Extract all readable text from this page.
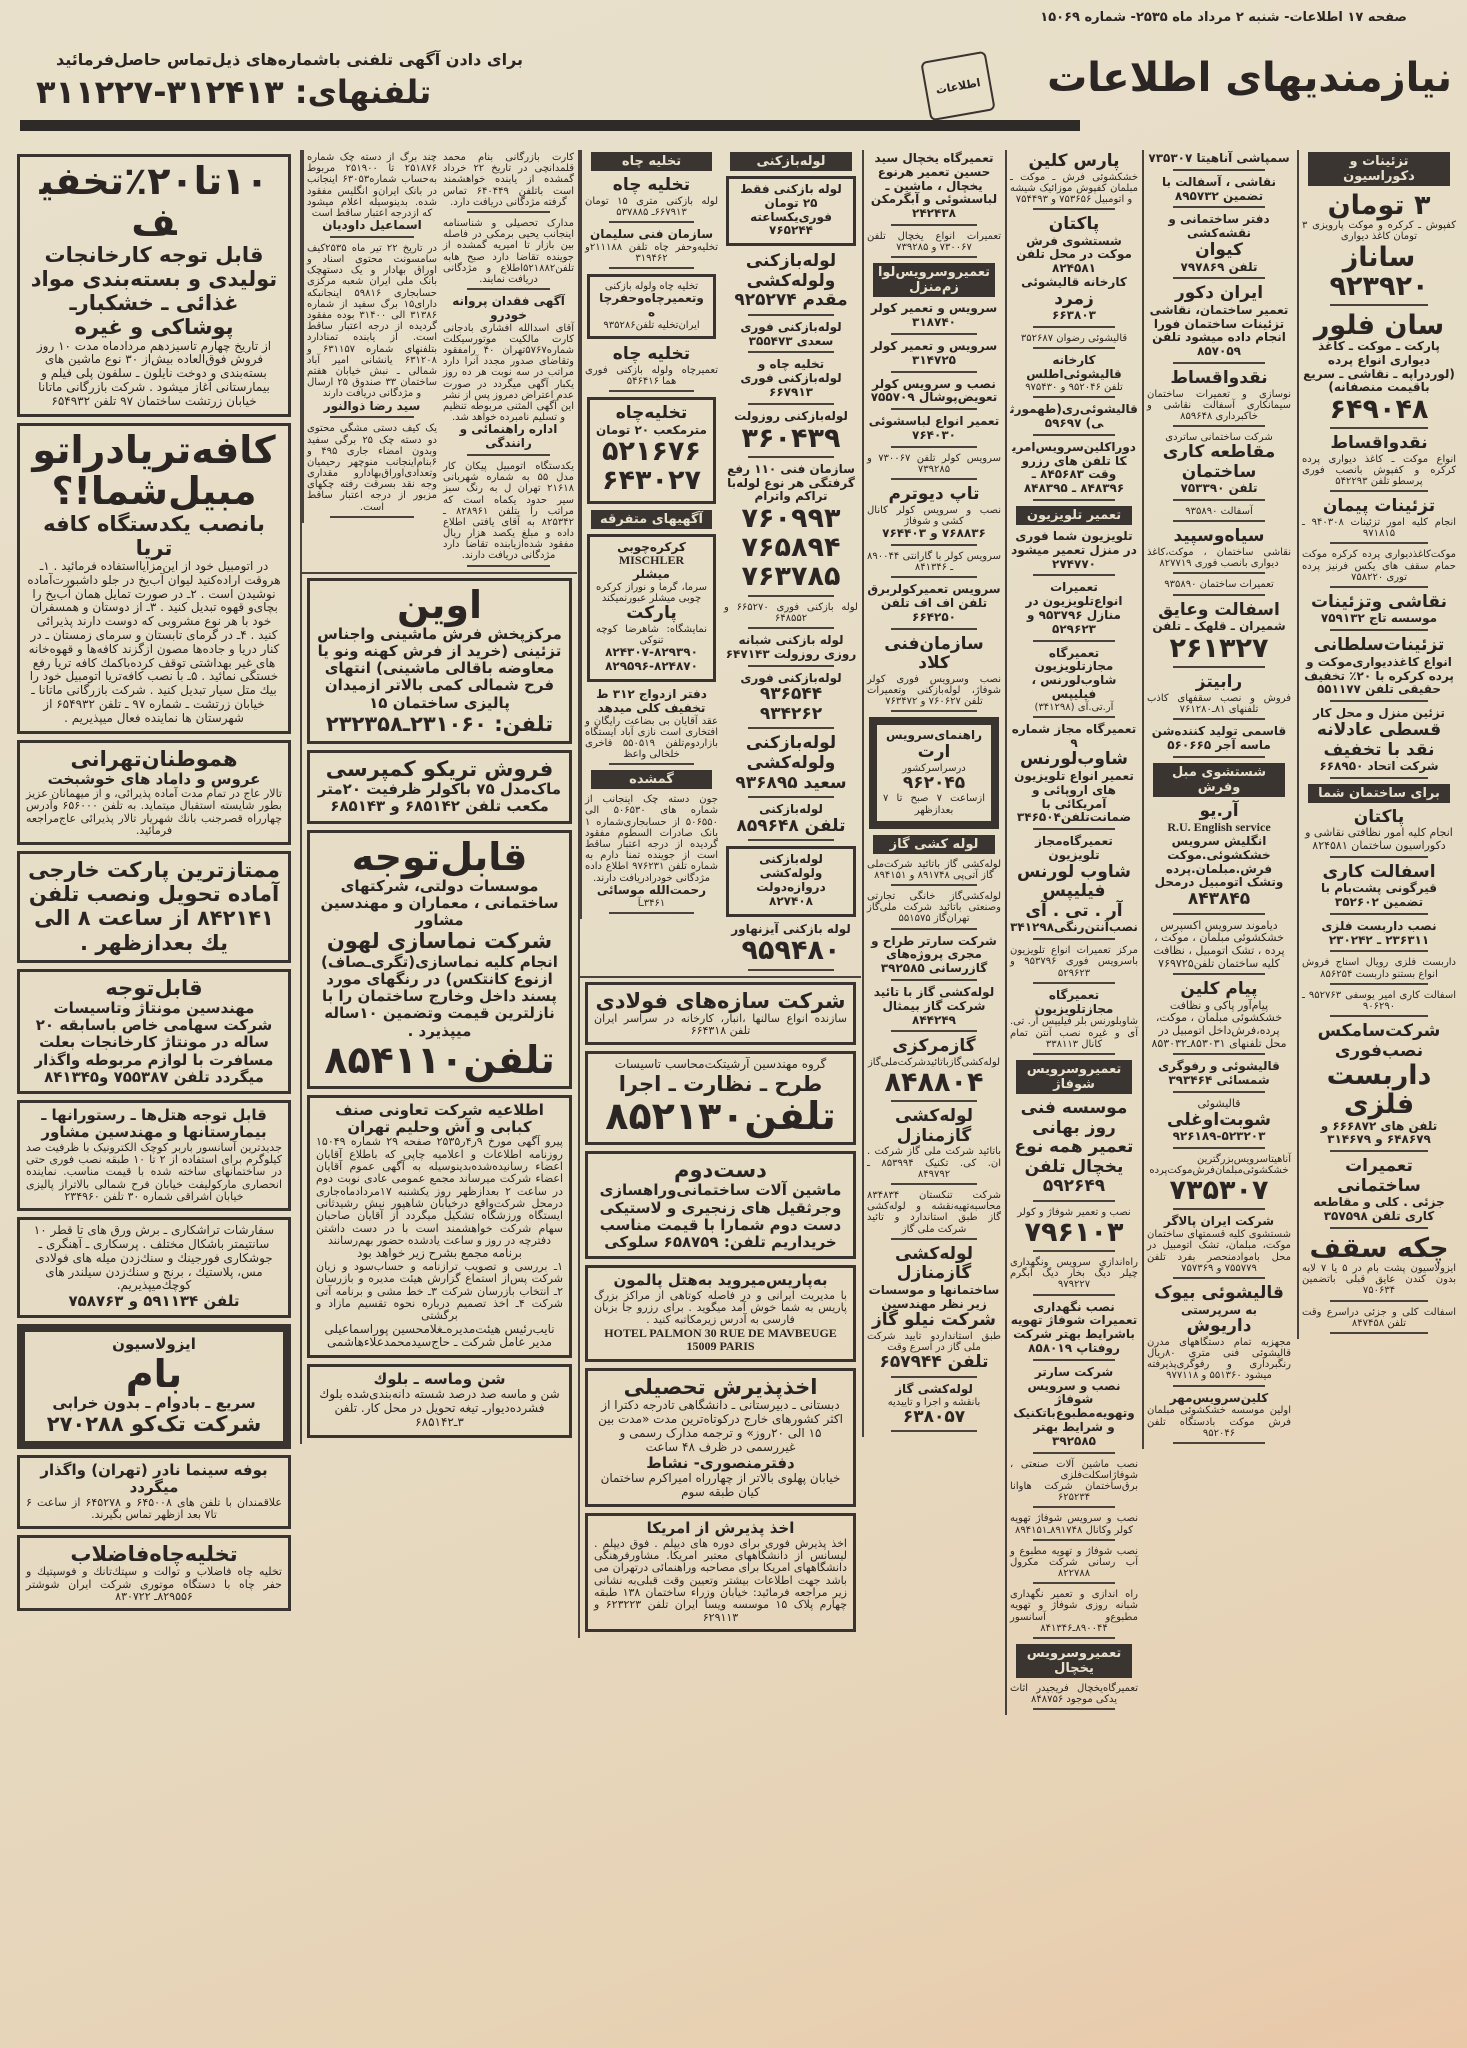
صفحه ۱۷ اطلاعات- شنبه ۲ مرداد ماه ۲۵۳۵- شماره ۱۵۰۶۹
نیازمندیهای اطلاعات
اطلاعات
برای دادن آگهی تلفنی باشماره‌های ذیل‌تماس حاصل‌فرمائید
تلفنهای: ۳۱۲۴۱۳-۳۱۱۲۲۷
تزئینات و دکوراسیون
۳ تومان
کفپوش ـ کرکره و موکت پارویزی ۳ تومان کاغذ دیواری
ساناز
۹۲۳۹۲۰
سان فلور
پارکت ـ موکت ـ کاغذ دیواری انواع پرده (لوردراپه ـ نقاشی ـ سریع باقیمت منصفانه)
۶۴۹۰۴۸
نقدواقساط
انواع موکت ـ کاغذ دیواری پرده کرکره و کفپوش بانصب فوری پرسطو تلفن ۵۴۲۲۹۳
تزئینات پیمان
انجام کلیه امور تزئینات ۹۴۰۳۰۸ ـ ۹۷۱۸۱۵
موکت‌کاغذدیواری پرده کرکره موکت حمام سقف های یکس فرنیز پرده توری ۷۵۸۲۲۰
نقاشی وتزئینات
موسسه تاج ۷۵۹۱۳۲
تزئینات‌سلطانی
انواع کاغذدیواری‌موکت و پرده کرکره با ۲۰٪ تخفیف حقیقی تلفن ۵۵۱۱۷۷
تزئین منزل و محل کار
قسطی عادلانه
نقد با تخفیف
شرکت اتحاد ۶۶۸۹۵۰
برای ساختمان شما
پاکتان
انجام کلیه امور نظافتی نقاشی و دکوراسیون ساختمان ۸۲۴۵۸۱
اسفالت کاری
قیرگونی پشت‌بام با تضمین ۳۵۲۶۰۲
نصب داربست فلزی ۲۳۶۳۱۱ ـ ۲۳۰۲۴۲
داربست فلزی رویال اسناج فروش انواع بستنو داربست ۸۵۶۲۵۴
اسفالت کاری امیر یوسفی ۹۵۲۷۶۳ ـ ۹۰۶۲۹۰
شرکت‌سامکس
نصب‌فوری
داربست
فلزی
تلفن های ۶۶۶۸۷۲ و ۶۴۸۶۷۹ و ۳۱۴۶۷۹
تعمیرات ساختمانی
جزئی . کلی و مقاطعه کاری تلفن ۳۵۷۵۹۸
چکه سقف
ایزولاسیون پشت بام در ۵ یا ۷ لایه بدون کندن عایق قبلی باتضمین ۷۵۰۶۳۴
اسفالت کلی و جزئی دراسرع وقت تلفن ۸۴۷۴۵۸
سمپاشی آناهیتا ۷۳۵۳۰۷
نقاشی ، آسفالت با تضمین ۸۹۵۷۳۲
دفتر ساختمانی و نقشه‌کشی
کیوان
تلفن ۷۹۷۸۶۹
ایران دکور
تعمیر ساختمان، نقاشی تزئینات ساختمان فورا انجام داده میشود تلفن ۸۵۷۰۵۹
نقدواقساط
نوسازی و تعمیرات ساختمان سیمانکاری آسفالت نقاشی و خاکبرداری ۸۵۹۶۴۸
شرکت ساختمانی ساتردی
مقاطعه کاری ساختمان
تلفن ۷۵۳۳۹۰
آسفالت ۹۳۵۸۹۰
سیاه‌وسپید
نقاشی ساختمان ، موکت،کاغذ دیواری بانصب فوری ۸۲۷۷۱۹
تعمیرات ساختمان ۹۳۵۸۹۰
اسفالت وعایق
شمیران ـ قلهک ـ تلفن
۲۶۱۳۲۷
رابیتز
فروش و نصب سقفهای کاذب تلفنهای ۸۱ـ۷۶۱۲۸۰
قاسمی تولید کننده‌شن ماسه آجر ۵۶۰۶۶۵
شستشوی مبل وفرش
آر.یو
R.U. English service
انگلیش سرویس خشکشوئی.موکت فرش.مبلمان.پرده وتشک اتومبیل درمحل
۸۴۳۸۴۵
دیاموند سرویس اکسپرس خشکشوئی مبلمان ، موکت ، پرده ، تشک اتومبیل ، نظافت کلیه ساختمان تلفن۷۶۹۷۲۵
پیام کلین
پیام‌آور پاکی و نظافت خشکشوئی مبلمان ، موکت، پرده،فرش‌داخل اتومبیل در محل تلفنهای ۸۵۳۰۳۱ـ۸۵۳۰۳۲
قالیشوئی و رفوگری شمسائی ۳۹۳۴۶۴
قالیشوئی
شوبت‌اوغلی
۹۲۶۱۸۹-۵۲۳۲۰۳
آناهیتاسرویس‌بزرگترین خشکشوئی‌مبلمان‌فرش‌موکت‌پرده
۷۳۵۳۰۷
شرکت ایران پالاگر
شستشوی کلیه قسمتهای ساختمان موکت، مبلمان، تشک اتومبیل در محل بامواد‌منحصر بفرد تلفن ۷۵۵۷۷۹ و ۷۵۷۳۶۹
قالیشوئی بیوک
به سرپرستی
داریوش
مجهزبه تمام دستگاههای مدرن قالیشوئی فنی متری ۸۰ریال رنگبرداری و رفوگری‌پذیرفته میشود ۵۵۱۳۶۰ و ۹۷۷۱۱۸
کلین‌سرویس‌مهر
اولین موسسه خشکشوئی مبلمان فرش موکت بادستگاه تلفن ۹۵۲۰۴۶
پارس کلین
خشکشوئی فرش ـ موکت ـ مبلمان کفپوش موزائیک شیشه و اتومبیل ۷۵۳۶۵۶ و ۷۵۴۴۹۳
پاکتان
شستشوی فرش موکت در محل تلفن ۸۲۴۵۸۱
کارخانه قالیشوئی
زمرد
۶۶۳۸۰۳
قالیشوئی رضوان ۳۵۲۶۸۷
کارخانه قالیشوئی‌اطلس
تلفن ۹۵۲۰۴۶ و ۹۷۵۴۳۰
قالیشوئی‌ری(طهمورثی) ۵۹۶۹۷
دوراکلین‌سرویس‌امریکا تلفن های رزرو وقت ۸۴۵۶۸۳ ـ ۸۴۸۳۹۶ ـ ۸۴۸۳۹۵
تعمیر تلویزیون
تلویزیون شما فوری در منزل تعمیر میشود ۲۷۴۷۷۰
تعمیرات انواع‌تلویزیون در منازل ۹۵۳۷۹۶ و ۵۲۹۶۲۳
تعمیرگاه مجازتلویزیون شاوب‌لورنس ، فیلیپس
آر.تی.آی (۳۴۱۲۹۸)
تعمیرگاه مجاز شماره ۹
شاوب‌لورنس
تعمیر انواع تلویزیون های اروپائی و آمریکائی با ضمانت‌تلفن۳۴۶۵۰۴
تعمیرگاه‌مجاز تلویزیون
شاوب لورنس فیلیپس
آر . تی . آی
نصب‌آنتن‌رنگی۳۴۱۲۹۸
مرکز تعمیرات انواع تلویزیون باسرویس فوری ۹۵۳۷۹۶ و ۵۲۹۶۲۳
تعمیرگاه مجازتلویزیون
شاوبلورنس بلر فیلیپس آر. تی. آی و غیره نصب آنتن تمام کانال ۳۳۸۱۱۳
تعمیروسرویس شوفاژ
موسسه فنی روز بهانی تعمیر همه نوع یخچال تلفن ۵۹۲۶۴۹
نصب و تعمیر شوفاژ و کولر
۷۹۶۱۰۳
راه‌اندازی سرویس ونگهداری چیلر دیگ بخار دیگ آبگرم ۹۷۹۲۲۷
نصب نگهداری تعمیرات شوفاژ تهویه باشرایط بهتر شرکت روفتاپ ۸۵۸۰۱۹
شرکت سارتر
نصب و سرویس شوفاژ وتهویه‌مطبوع‌باتکنیک و شرایط بهتر ۳۹۲۵۸۵
نصب ماشین آلات صنعتی ، شوفاژاسکلت‌فلزی برق‌ساختمان شرکت هاوانا ۶۲۵۲۳۴
نصب و سرویس شوفاژ تهویه‌ کولر وکانال ۸۹۱۷۴۸ـ۸۹۴۱۵۱
نصب شوفاژ و تهویه مطبوع و آب رسانی شرکت مکرول ۸۲۲۷۸۸
راه اندازی و تعمیر نگهداری شبانه روزی شوفاژ و تهویه مطبوع‌و آسانسور ۸۹۰۰۴۴ـ۸۴۱۳۴۶
تعمیروسرویس یخچال
تعمیرگاه‌یخچال فریجیدر اثاث یدکی موجود ۸۴۸۷۵۶
تعمیرگاه یخچال سید حسین تعمیر هرنوع یخچال ، ماشین ـ لباسشوئی و آبگرمکن ۲۴۲۴۳۸
تعمیرات انواع یخچال تلفن ۷۳۰۰۶۷ و ۷۳۹۲۸۵
تعمیروسرویس‌لوازم‌منزل
سرویس و تعمیر کولر ۳۱۸۷۴۰
سرویس و تعمیر کولر ۳۱۴۷۲۵
نصب و سرویس کولر تعویض‌پوشال ۷۵۵۷۰۹
تعمیر انواع لباسشوئی ۷۶۴۰۳۰
سرویس کولر تلفن ۷۳۰۰۶۷ و ۷۳۹۲۸۵
تاپ دیوترم
نصب و سرویس کولر کانال کشی و شوفاژ
۷۶۸۸۳۶ و ۷۶۴۴۰۳
سرویس کولر با گارانتی ۸۹۰۰۴۴ ـ ۸۴۱۳۴۶
سرویس تعمیرکولربرق تلفن اف اف تلفن ۶۶۴۲۵۰
سازمان‌فنی کلاد
نصب وسرویس فوری کولر شوفاژ، لوله‌بازکنی وتعمیرات تلفن ۷۶۰۶۲۷ و ۷۶۳۴۷۲
راهنمای‌سرویس
ارت
درسراسرکشور
۹۶۲۰۴۵
ازساعت ۷ صبح تا ۷ بعدازظهر
لوله کشی گاز
لوله‌کشی گاز باتائید شرکت‌ملی گاز آتی‌پی ۸۹۱۷۴۸ و ۸۹۴۱۵۱
لوله‌کشی‌گاز خانگی تجارتی وصنعتی باتائید شرکت ملی‌گاز تهران‌گاز ۵۵۱۵۷۵
شرکت سارتر طراح و مجری پروژه‌های گازرسانی ۳۹۲۵۸۵
لوله‌کشی گاز با تائید شرکت گاز بیمثال ۸۴۴۲۴۹
گازمرکزی
لوله‌کشی‌گازباتائیدشرکت‌ملی‌گاز
۸۴۸۸۰۴
لوله‌کشی
گازمنازل
باتائید شرکت ملی گاز شرکت . ان. کی. تکنیک ۸۵۳۹۹۴ ـ ۸۴۹۷۹۲
شرکت تنکستان ۸۳۴۸۳۴ محاسبه‌تهیه‌نقشه و لوله‌کشی گاز طبق استاندارد و تائید شرکت ملی گاز
لوله‌کشی
گازمنازل
ساختمانها و موسسات زیر نظر مهندسین
شرکت نیلو گاز
طبق استانداردو تایید شرکت ملی گاز در اسرع وقت
تلفن ۶۵۷۹۴۴
لوله‌کشی گاز
بانقشه و اجرا و تاییدیه
۶۳۸۰۵۷
لوله‌بازکنی
لوله بازکنی فقط ۲۵ تومان
فوری‌یکساعته ۷۶۵۲۴۴
لوله‌بازکنی ولوله‌کشی
مقدم ۹۲۵۲۷۴
لوله‌بازکنی فوری سعدی ۳۵۵۴۷۳
تخلیه چاه و لوله‌بازکنی فوری ۶۶۷۹۱۳
لوله‌بازکنی روزولت
۳۶۰۴۳۹
سازمان فنی ۱۱۰ رفع گرفتگی هر نوع لوله‌با تراکم واترام
۷۶۰۹۹۳
۷۶۵۸۹۴
۷۶۳۷۸۵
لوله بازکنی فوری ۶۶۵۲۷۰ و ۶۴۸۵۵۲
لوله بازکنی شبانه روزی روزولت ۶۴۷۱۴۳
لوله‌بازکنی فوری
۹۳۶۵۴۴
۹۳۴۲۶۲
لوله‌بازکنی ولوله‌کشی
سعید ۹۳۶۸۹۵
لوله‌بازکنی
تلفن ۸۵۹۶۴۸
لوله‌بازکنی ولوله‌کشی
دروازه‌دولت ۸۲۷۴۰۸
لوله بازکنی آیزنهاور
۹۵۹۴۸۰
تخلیه چاه
تخلیه چاه
لوله بازکنی متری ۱۵ تومان ۶۶۷۹۱۳ـ ۵۳۷۸۸۵
سازمان فنی سلیمان
تخلیه‌وحفر چاه تلفن ۲۱۱۱۸۸و ۳۱۹۴۶۲
تخلیه‌ چاه ولوله بازکنی
وتعمیرچاه‌وحفرچاه
ایران‌تخلیه تلفن۹۳۵۲۸۶
تخلیه چاه
تعمیرچاه ولوله بازکنی فوری هما ۵۴۶۴۱۶
تخلیه‌چاه
مترمکعب ۲۰ تومان
۵۲۱۶۷۶
۶۴۳۰۲۷
آگهیهای متفرقه
کرکره‌چوبی
MISCHLER
میشلر
سرما، گرما و نوراز کرکره چوبی میشلر عبورنمیکند
پارکت
نمایشگاه: شاهرضا کوچه تنوکی
۸۲۴۳۰۷-۸۲۹۳۹۰
۸۲۹۵۹۶-۸۲۴۸۷۰
دفتر ازدواج ۳۱۲ ط تخفیف کلی میدهد
عقد آقایان بی بضاعت رایگان و افتخاری است نازی آباد ایستگاه بازاردوم‌تلفن ۵۵۰۵۱۹ فاخری خلخالی واعظ
گمشده
جون دسته چک اینجانب از شماره های ۵۰۶۵۳۰ الی ۵۰۶۵۵۰ از حسابجاری‌شماره ۱ بانک صادرات السطوم مفقود گردیده از درجه اعتبار ساقط است از جوینده تمنا دارم به شماره تلفن ۹۷۶۲۳۱ اطلاع داده مژدگانی خودرادریافت دارند.
رحمت‌الله موسائی
۳۴۶۱ـآ
شرکت سازه‌های فولادی
سازنده انواع سالنها ،انبار، کارخانه در سراسر ایران تلفن ۶۶۴۳۱۸
گروه مهندسین آرشیتکت‌محاسب تاسیسات
طرح ـ نظارت ـ اجرا
تلفن۸۵۲۱۳۰
دست‌دوم
ماشین آلات ساختمانی‌وراهسازی وجرثقیل های زنجیری و لاستیکی دست دوم شمارا با قیمت مناسب خریداریم تلفن: ۶۵۸۷۵۹ سلوکی
به‌پاریس‌میروید به‌هتل پالمون
با مدیریت ایرانی و در فاصله کوتاهی از مراکز بزرگ پاریس به شما خوش آمد میگوید . برای رزرو جا بزبان فارسی به آدرس زیرمکاتبه کنید .
HOTEL PALMON 30 RUE DE MAVBEUGE 15009 PARIS
اخذپذیرش تحصیلی
دبستانی ـ دبیرستانی ـ دانشگاهی تادرجه دکترا از اکثر کشورهای خارج درکوتاه‌ترین مدت «مدت بین ۱۵ الی ۲۰روز» و ترجمه مدارک رسمی و غیررسمی در ظرف ۴۸ ساعت
دفترمنصوری- نشاط
خیابان پهلوی بالاتر از چهارراه امیراکرم ساختمان کیان طبقه سوم
اخذ پذیرش از امریکا
اخذ پذیرش فوری برای دوره های دیپلم . فوق دیپلم . لیسانس از دانشگاههای معتبر امریکا. مشاورفرهنگی دانشگاههای امریکا برای مصاحبه وراهنمائی درتهران می باشد جهت اطلاعات بیشتر وتعیین وقت قبلی‌به نشانی زیر مراجعه فرمائید: خیابان وزراء ساختمان ۱۳۸ طبقه چهارم پلاک ۱۵ موسسه ویسا ایران تلفن ۶۲۳۲۲۳ و ۶۲۹۱۱۳
کارت بازرگانی بنام محمد قلمدانچی در تاریخ ۲۲ خرداد گمشده از یابنده خواهشمند است باتلفن ۶۴۰۴۴۹ تماس گرفته مژدگانی دریافت دارد.
مدارک تحصیلی و شناسنامه اینجانب یحیی برمکی در فاصله بین بازار تا امیریه گمشده از جوینده تقاضا دارد صبح هابه تلفن۵۲۱۸۸۲اطلاع و مژدگانی دریافت نمایند.
آگهی فقدان پروانه خودرو
آقای اسدالله افشاری بادجانی کارت مالکیت موتورسیکلت شماره۵۷۶۷تهران ۴۰ رامفقود وتقاضای صدور مجدد آنرا دارد مراتب در سه نوبت هر ده روز یکبار آگهی میگردد در صورت عدم اعتراض دمروز پس از نشر این آگهی المثنی مربوطه تنظیم و تسلیم نامبرده خواهد شد.
اداره راهنمائی و رانندگی
یکدستگاه اتومبیل پیکان کار مدل ۵۵ به شماره شهربانی ۲۱۶۱۸ تهران ل به رنگ سبز سیر حدود یکماه است که مراتب را بتلفن ۸۲۸۹۶۱ ـ ۸۲۵۳۴۲ به آقای یافتی اطلاع داده و مبلغ یکصد هزار ریال مفقود شده‌ازیابنده تقاضا دارد مژدگانی دریافت دارند.
چند برگ از دسته چک شماره ۲۵۱۸۷۶ تا ۲۵۱۹۰۰ مربوط به‌حساب شماره۶۳۰۵۳ اینجانب در بانک ایران‌و انگلیس مفقود شده. بدینوسیله اعلام میشود که ازدرجه اعتبار ساقط است
اسماعیل داودیان
در تاریخ ۲۲ تیر ماه ۲۵۳۵کیف سامسونت محتوی اسناد و اوراق بهادار و یک دستهچک بانک ملی ایران شعبه مرکزی حسابجاری ۵۹۸۱۶ اینجانبکه دارای۱۵ برگ سفید از شماره ۳۱۳۸۶ الی ۳۱۴۰۰ بوده مفقود گردیده از درجه اعتبار ساقط است. از یابنده تمنادارد بتلفنهای شماره ۶۳۱۱۵۷ و ۶۳۱۲۰۸ یانشانی امیر آباد شمالی ـ نبش خیابان هفتم ساختمان ۳۳ صندوق ۲۵ ارسال و مژدگانی دریافت دارند
سید رضا ذوالنور
یک کیف دستی مشگی محتوی دو دسته چک ۲۵ برگی سفید وبدون امضاء جاری ۴۹۵ و ۶بنام‌اینجانب منوچهر رحیمیان وتعدادی‌اوراق‌بهادارو مقداری وجه نقد بسرقت رفته چکهای مزبور از درجه اعتبار ساقط است.
اوین
مرکزپخش فرش ماشینی واجناس تزئینی (خرید از فرش کهنه ونو یا معاوضه باقالی ماشینی) انتهای فرح شمالی کمی بالاتر ازمیدان پالیزی ساختمان ۱۵
تلفن: ۲۳۱۰۶۰ـ۲۳۲۳۵۸
فروش تریکو کمپرسی
ماک‌مدل ۷۵ باکولر ظرفیت ۲۰متر مکعب تلفن ۶۸۵۱۴۲ و ۶۸۵۱۴۳
قابل‌توجه
موسسات دولتی، شرکتهای ساختمانی ، معماران و مهندسین مشاور
شرکت نماسازی لهون
انجام کلیه نماسازی(تگری‌ـصاف) ازنوع کانتکس) در رنگهای مورد پسند داخل وخارج ساختمان را با نازلترین قیمت وتضمین ۱۰ساله میپذیرد .
تلفن۸۵۴۱۱۰
اطلاعیه شرکت تعاونی صنف کبابی و آش وحلیم تهران
پیرو آگهی مورخ ۹ر۴ر۲۵۳۵ صفحه ۲۹ شماره ۱۵۰۴۹ روزنامه اطلاعات و اعلامیه چاپی که باطلاع آقایان اعضاء رسانیده‌شده‌بدینوسیله به آگهی عموم آقایان اعضاء شرکت میرساند مجمع عمومی عادی نوبت دوم در ساعت ۲ بعدازظهر روز یکشنبه ۱۷مردادماه‌جاری درمحل شرکت‌واقع درخیابان شاهپور نبش رشیدثانی ایستگاه ورزشگاه تشکیل میگردد از آقایان صاحبان سهام شرکت خواهشمند است با در دست داشتن دفترچه در روز و ساعت یادشده حضور بهم‌رسانند
برنامه مجمع بشرح زیر خواهد بود
۱ـ بررسی و تصویب ترازنامه و حساب‌سود و زیان شرکت پس‌از استماع گزارش هیئت مدیره و بازرسان ۲ـ انتخاب بازرسان شرکت ۳ـ خط مشی و برنامه آتی شرکت ۴ـ اخذ تصمیم درباره نحوه تقسیم مازاد و برگشتی
نایب‌رئیس هیئت‌مدیره‌ـغلامحسین پوراسماعیلی مدیر عامل شرکت ـ حاج‌سیدمحمدعلاءهاشمی
شن وماسه ـ بلوك
شن و ماسه صد درصد شسته دانه‌بندی‌شده بلوك فشرده‌دیوار‌ـ تیغه تحویل در محل کار. تلفن ۳ـ۶۸۵۱۴۲
۱۰تا۲۰٪تخفیف
قابل توجه کارخانجات تولیدی و بسته‌بندی مواد غذائی ـ خشکبار‌ـ پوشاکی و غیره
از تاریخ چهارم تاسیزدهم مردادماه مدت ۱۰ روز فروش فوق‌العاده بیش‌از ۳۰ نوع ماشین های بسته‌بندی و دوخت نایلون ـ سلفون‌ پلی فیلم و بیمارستانی آغاز میشود . شرکت بازرگانی ماتانا خیابان زرتشت ساختمان ۹۷ تلفن ۶۵۴۹۳۲
کافه‌تریادراتومبیل‌شما!؟
بانصب یکدستگاه کافه تریا
در اتومبیل خود از این‌مزایااستفاده فرمائید . ۱ـ هروقت اراده‌کنید لیوان آب‌یخ در جلو داشبورت‌آماده نوشیدن است . ۲ـ در صورت تمایل همان آب‌یخ را بچای‌و قهوه تبدیل کنید . ۳ـ از دوستان و همسفران خود با هر نوع مشروبی که دوست دارند پذیرائی کنید . ۴ـ در گرمای تابستان و سرمای زمستان ـ در کنار دریا و جاده‌ها مصون ازگزند کافه‌ها و قهوه‌خانه های غیر بهداشتی توقف کرده‌باکمك کافه تریا رفع خستگی نمائید . ۵ـ با نصب کافه‌تریا اتومبیل خود را بیك متل سیار تبدیل کنید . شرکت بازرگانی ماتانا ـ خیابان زرتشت ـ شماره ۹۷ ـ تلفن ۶۵۴۹۳۲ از شهرستان ها نماینده فعال میپذیریم .
هموطنان‌تهرانی
عروس و داماد های خوشبخت
تالار عاج در تمام مدت آماده پذیرائی، و از میهمانان عزیز بطور شایسته استقبال میتماید. به تلفن ۶۵۶۰۰۰ وآدرس چهارراه قصرجنب بانك شهریار تالار پذیرائی عاج‌مراجعه فرمائید.
ممتازترین پارکت خارجی آماده تحویل ونصب تلفن ۸۴۲۱۴۱ از ساعت ۸ الی یك بعدازظهر .
قابل‌توجه
مهندسین مونتاژ وتاسیسات
شرکت سهامی خاص باسابقه ۲۰ ساله در مونتاژ کارخانجات بعلت مسافرت با لوازم مربوطه واگذار میگردد تلفن ۷۵۵۳۸۷ و۸۴۱۳۴۵
قابل توجه هتل‌ها ـ رستورانها ـ بیمارستانها و مهندسین مشاور
جدیدترین آسانسور باربر کوچک الکترونیک با ظرفیت صد کیلوگرم برای استفاده از ۲ تا ۱۰ طبقه نصب فوری حتی در ساختمانهای ساخته شده با قیمت مناسب. نماینده انحصاری مارکولیفت خیابان فرح شمالی بالاتراز پالیزی خیابان اشراقی شماره ۳۰ تلفن ۲۳۴۹۶۰
سفارشات تراشکاری ـ برش ورق های تا قطر ۱۰ سانتیمتر باشکال مختلف . پرسکاری ـ آهنگری ـ جوشکاری فورجینك و سنك‌زدن میله های فولادی مس، پلاستیك ، برنج و سنك‌زدن سیلندر های کوچك‌میپذیریم.
تلفن ۵۹۱۱۳۴ و ۷۵۸۷۶۳
ایزولاسیون
بام
سریع ـ بادوام ـ بدون خرابی
شرکت تک‌کو ۲۷۰۲۸۸
بوفه سینما نادر (تهران) واگذار میگردد
علاقمندان با تلفن های ۶۴۵۰۰۸ و ۶۴۵۲۷۸ از ساعت ۶ تا۷ بعد ازظهر تماس بگیرند.
تخلیه‌چاه‌فاضلاب
تخلیه چاه فاضلاب و توالت و سپتك‌تانك و فوسپتیك و حفر چاه با دستگاه موتوری شرکت ایران شوشتر ۸۲۹۵۵۶ـ ۸۳۰۷۲۲
